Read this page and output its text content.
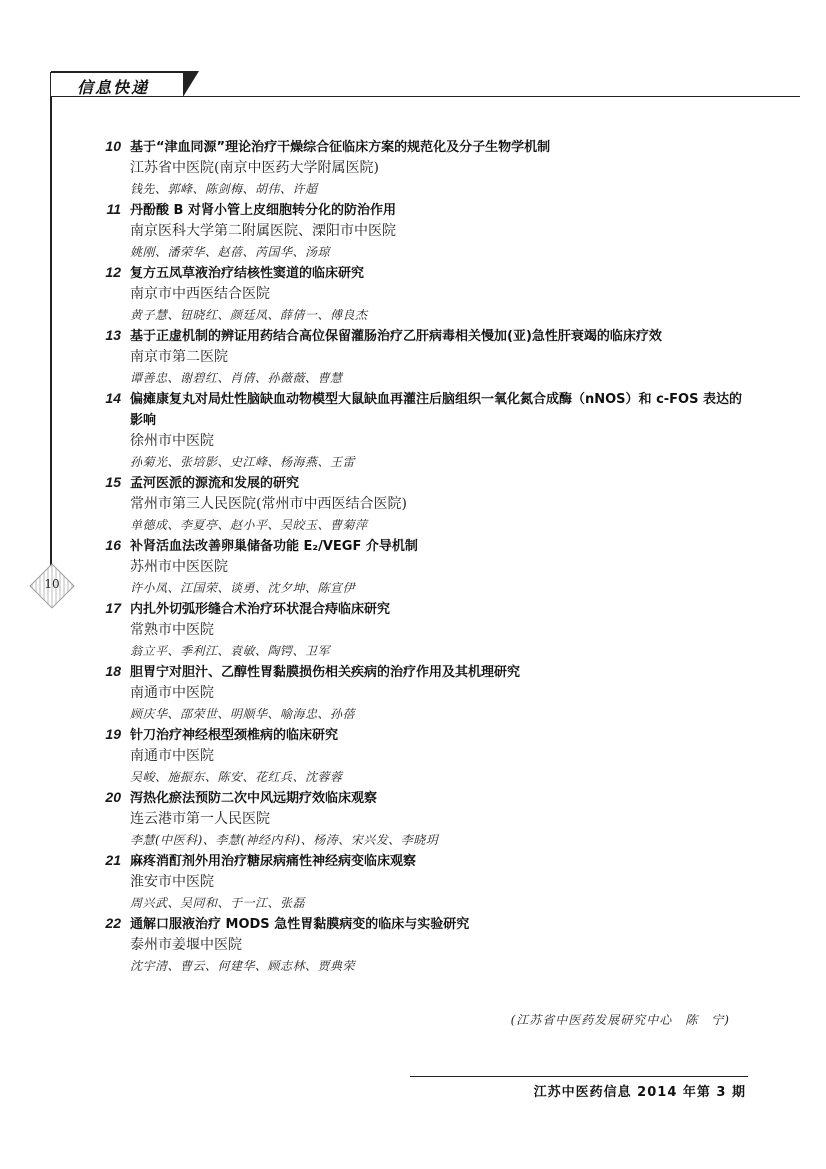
信息快递
10
10 基于“津血同源”理论治疗干燥综合征临床方案的规范化及分子生物学机制
江苏省中医院(南京中医药大学附属医院)
钱先、郭峰、陈剑梅、胡伟、许超
11 丹酚酸 B 对肾小管上皮细胞转分化的防治作用
南京医科大学第二附属医院、溧阳市中医院
姚刚、潘荣华、赵蓓、芮国华、汤琼
12 复方五凤草液治疗结核性窦道的临床研究
南京市中西医结合医院
黄子慧、钮晓红、颜廷凤、薛倩一、傅良杰
13 基于正虚机制的辨证用药结合高位保留灌肠治疗乙肝病毒相关慢加(亚)急性肝衰竭的临床疗效
南京市第二医院
谭善忠、谢碧红、肖倩、孙薇薇、曹慧
14 偏瘫康复丸对局灶性脑缺血动物模型大鼠缺血再灌注后脑组织一氧化氮合成酶（nNOS）和 c-FOS 表达的影响
徐州市中医院
孙菊光、张培影、史江峰、杨海燕、王雷
15 孟河医派的源流和发展的研究
常州市第三人民医院(常州市中西医结合医院)
单德成、李夏亭、赵小平、吴皎玉、曹菊萍
16 补肾活血法改善卵巢储备功能 E₂/VEGF 介导机制
苏州市中医医院
许小凤、江国荣、谈勇、沈夕坤、陈宣伊
17 内扎外切弧形缝合术治疗环状混合痔临床研究
常熟市中医院
翁立平、季利江、袁敏、陶锷、卫军
18 胆胃宁对胆汁、乙醇性胃黏膜损伤相关疾病的治疗作用及其机理研究
南通市中医院
顾庆华、邵荣世、明顺华、喻海忠、孙蓓
19 针刀治疗神经根型颈椎病的临床研究
南通市中医院
吴峻、施振东、陈安、花红兵、沈蓉蓉
20 泻热化瘀法预防二次中风远期疗效临床观察
连云港市第一人民医院
李慧(中医科)、李慧(神经内科)、杨涛、宋兴发、李晓玥
21 麻疼消酊剂外用治疗糖尿病痛性神经病变临床观察
淮安市中医院
周兴武、吴同和、于一江、张磊
22 通解口服液治疗 MODS 急性胃黏膜病变的临床与实验研究
泰州市姜堰中医院
沈宇清、曹云、何建华、顾志林、贾典荣
(江苏省中医药发展研究中心　陈　宁)
江苏中医药信息 2014 年第 3 期
